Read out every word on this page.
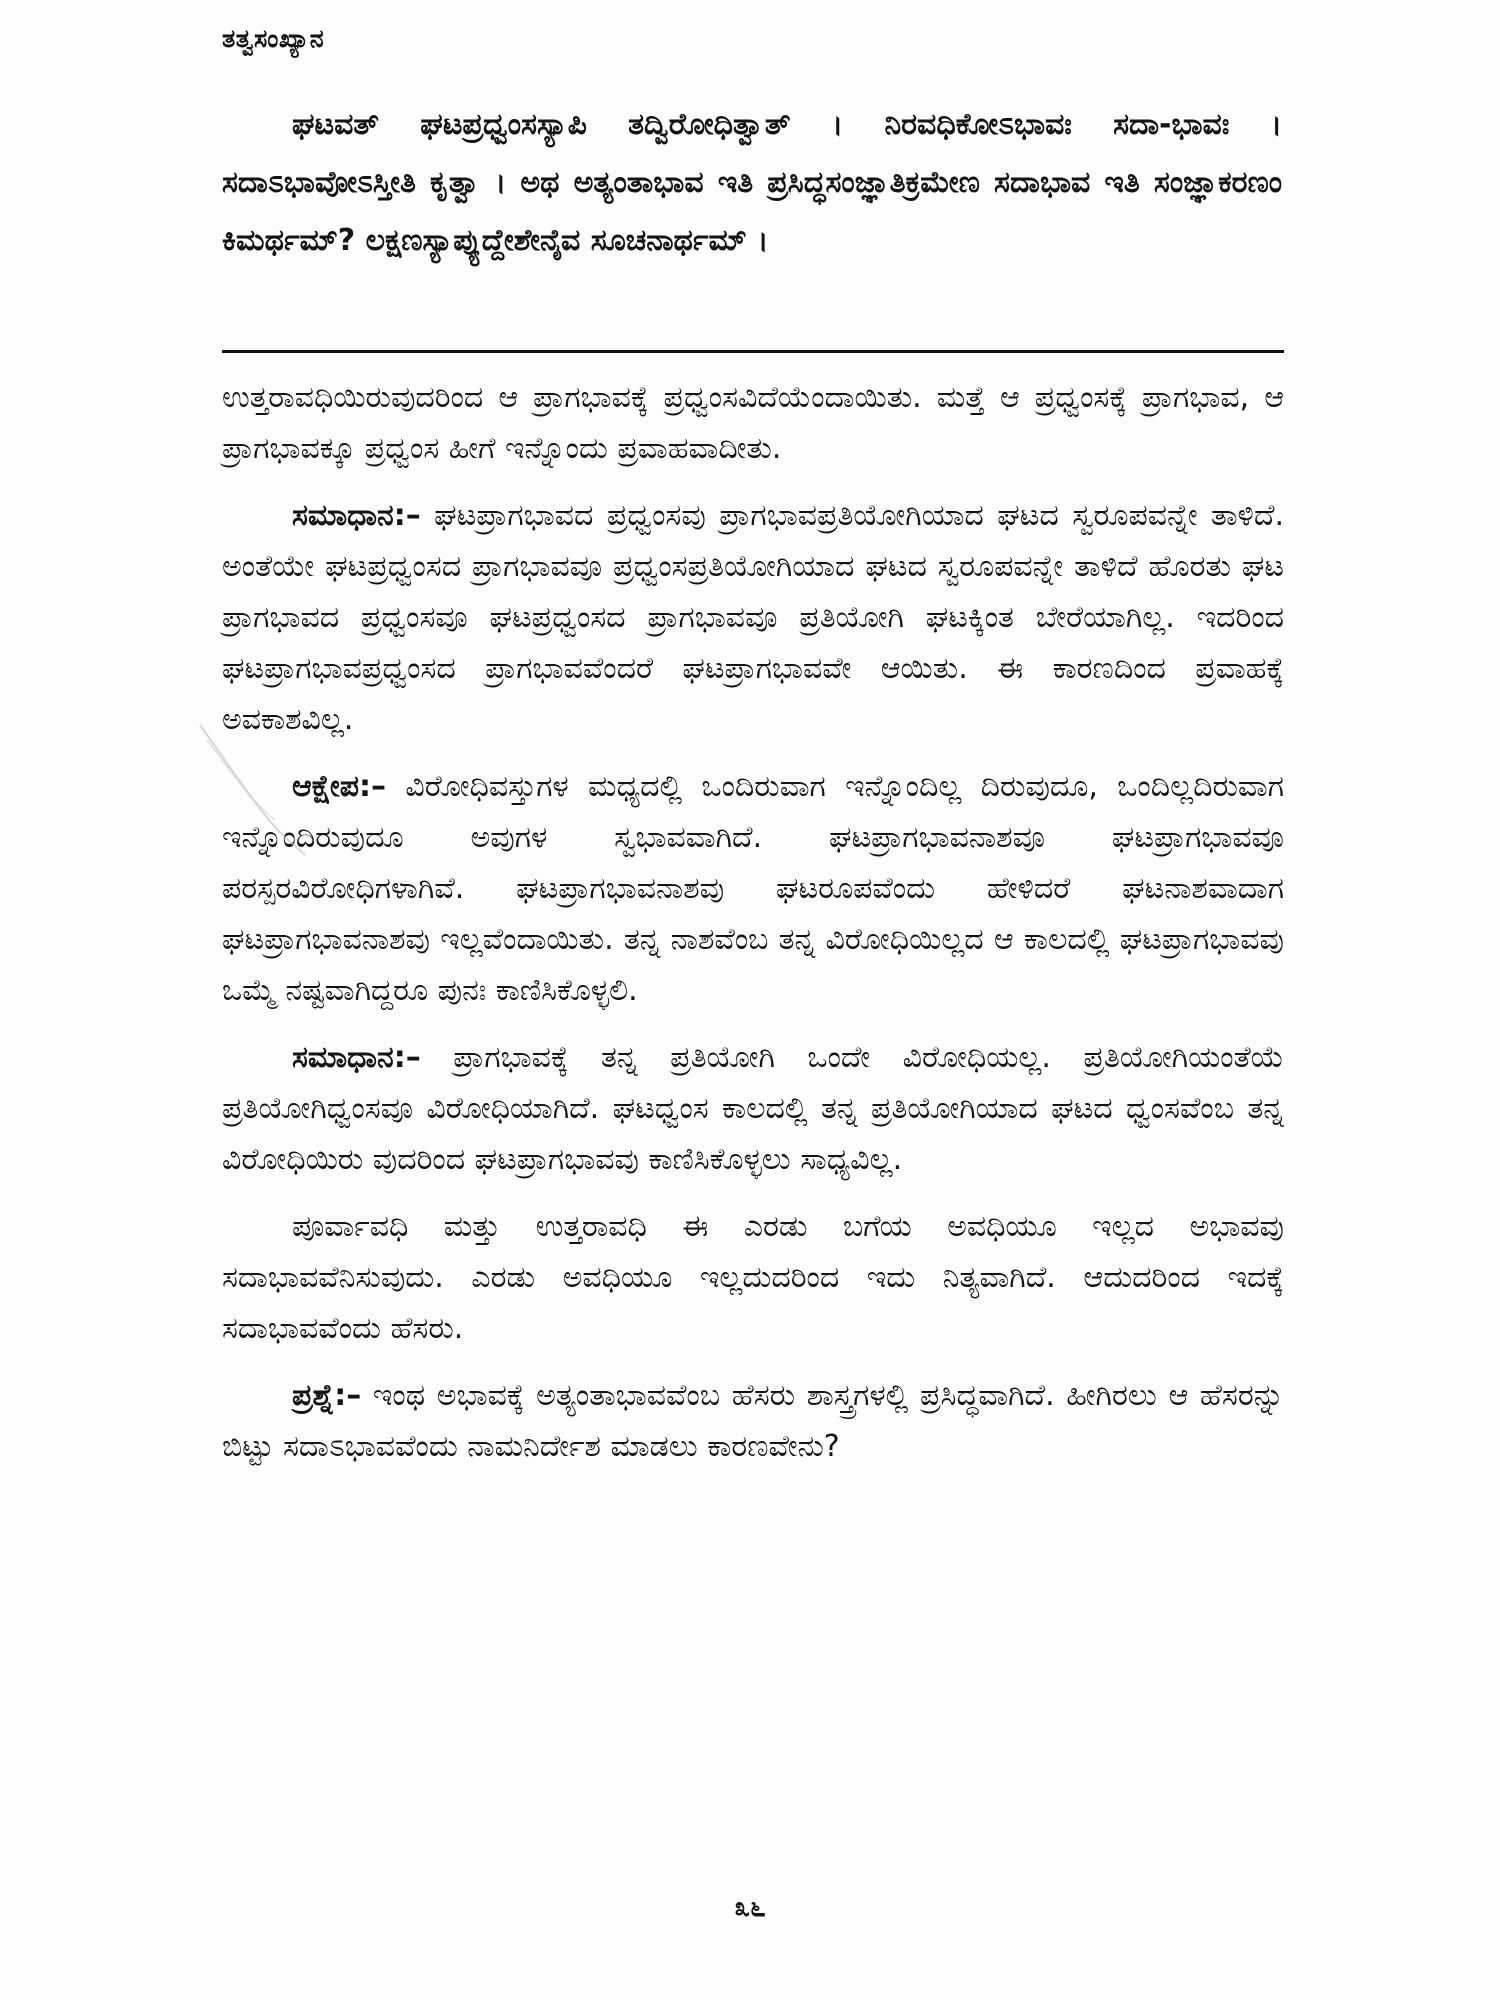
ತತ್ವಸಂಖ್ಯಾನ

ಘಟವತ್ ಘಟಪ್ರಧ್ವಂಸಸ್ಯಾಪಿ ತದ್ವಿರೋಧಿತ್ವಾತ್ । ನಿರವಧಿಕೋಽಭಾವಃ ಸದಾ-ಭಾವಃ । ಸದಾಽಭಾವೋಽಸ್ತೀತಿ ಕೃತ್ವಾ । ಅಥ ಅತ್ಯಂತಾಭಾವ ಇತಿ ಪ್ರಸಿದ್ಧಸಂಜ್ಞಾತಿಕ್ರಮೇಣ ಸದಾಭಾವ ಇತಿ ಸಂಜ್ಞಾಕರಣಂ ಕಿಮರ್ಥಮ್? ಲಕ್ಷಣಸ್ಯಾಪ್ಯುದ್ದೇಶೇನೈವ ಸೂಚನಾರ್ಥಮ್ ।

ಉತ್ತರಾವಧಿಯಿರುವುದರಿಂದ ಆ ಪ್ರಾಗಭಾವಕ್ಕೆ ಪ್ರಧ್ವಂಸವಿದೆಯೆಂದಾಯಿತು. ಮತ್ತೆ ಆ ಪ್ರಧ್ವಂಸಕ್ಕೆ ಪ್ರಾಗಭಾವ, ಆ ಪ್ರಾಗಭಾವಕ್ಕೂ ಪ್ರಧ್ವಂಸ ಹೀಗೆ ಇನ್ನೊಂದು ಪ್ರವಾಹವಾದೀತು.

ಸಮಾಧಾನ:– ಘಟಪ್ರಾಗಭಾವದ ಪ್ರಧ್ವಂಸವು ಪ್ರಾಗಭಾವಪ್ರತಿಯೋಗಿಯಾದ ಘಟದ ಸ್ವರೂಪವನ್ನೇ ತಾಳಿದೆ. ಅಂತೆಯೇ ಘಟಪ್ರಧ್ವಂಸದ ಪ್ರಾಗಭಾವವೂ ಪ್ರಧ್ವಂಸಪ್ರತಿಯೋಗಿಯಾದ ಘಟದ ಸ್ವರೂಪವನ್ನೇ ತಾಳಿದೆ ಹೊರತು ಘಟ ಪ್ರಾಗಭಾವದ ಪ್ರಧ್ವಂಸವೂ ಘಟಪ್ರಧ್ವಂಸದ ಪ್ರಾಗಭಾವವೂ ಪ್ರತಿಯೋಗಿ ಘಟಕ್ಕಿಂತ ಬೇರೆಯಾಗಿಲ್ಲ. ಇದರಿಂದ ಘಟಪ್ರಾಗಭಾವಪ್ರಧ್ವಂಸದ ಪ್ರಾಗಭಾವವೆಂದರೆ ಘಟಪ್ರಾಗಭಾವವೇ ಆಯಿತು. ಈ ಕಾರಣದಿಂದ ಪ್ರವಾಹಕ್ಕೆ ಅವಕಾಶವಿಲ್ಲ.

ಆಕ್ಷೇಪ:– ವಿರೋಧಿವಸ್ತುಗಳ ಮಧ್ಯದಲ್ಲಿ ಒಂದಿರುವಾಗ ಇನ್ನೊಂದಿಲ್ಲ ದಿರುವುದೂ, ಒಂದಿಲ್ಲದಿರುವಾಗ ಇನ್ನೊಂದಿರುವುದೂ ಅವುಗಳ ಸ್ವಭಾವವಾಗಿದೆ. ಘಟಪ್ರಾಗಭಾವನಾಶವೂ ಘಟಪ್ರಾಗಭಾವವೂ ಪರಸ್ಪರವಿರೋಧಿಗಳಾಗಿವೆ. ಘಟಪ್ರಾಗಭಾವನಾಶವು ಘಟರೂಪವೆಂದು ಹೇಳಿದರೆ ಘಟನಾಶವಾದಾಗ ಘಟಪ್ರಾಗಭಾವನಾಶವು ಇಲ್ಲವೆಂದಾಯಿತು. ತನ್ನ ನಾಶವೆಂಬ ತನ್ನ ವಿರೋಧಿಯಿಲ್ಲದ ಆ ಕಾಲದಲ್ಲಿ ಘಟಪ್ರಾಗಭಾವವು ಒಮ್ಮೆ ನಷ್ಟವಾಗಿದ್ದರೂ ಪುನಃ ಕಾಣಿಸಿಕೊಳ್ಳಲಿ.

ಸಮಾಧಾನ:– ಪ್ರಾಗಭಾವಕ್ಕೆ ತನ್ನ ಪ್ರತಿಯೋಗಿ ಒಂದೇ ವಿರೋಧಿಯಲ್ಲ. ಪ್ರತಿಯೋಗಿಯಂತೆಯೆ ಪ್ರತಿಯೋಗಿಧ್ವಂಸವೂ ವಿರೋಧಿಯಾಗಿದೆ. ಘಟಧ್ವಂಸ ಕಾಲದಲ್ಲಿ ತನ್ನ ಪ್ರತಿಯೋಗಿಯಾದ ಘಟದ ಧ್ವಂಸವೆಂಬ ತನ್ನ ವಿರೋಧಿಯಿರು ವುದರಿಂದ ಘಟಪ್ರಾಗಭಾವವು ಕಾಣಿಸಿಕೊಳ್ಳಲು ಸಾಧ್ಯವಿಲ್ಲ.

ಪೂರ್ವಾವಧಿ ಮತ್ತು ಉತ್ತರಾವಧಿ ಈ ಎರಡು ಬಗೆಯ ಅವಧಿಯೂ ಇಲ್ಲದ ಅಭಾವವು ಸದಾಭಾವವೆನಿಸುವುದು. ಎರಡು ಅವಧಿಯೂ ಇಲ್ಲದುದರಿಂದ ಇದು ನಿತ್ಯವಾಗಿದೆ. ಆದುದರಿಂದ ಇದಕ್ಕೆ ಸದಾಭಾವವೆಂದು ಹೆಸರು.

ಪ್ರಶ್ನೆ:– ಇಂಥ ಅಭಾವಕ್ಕೆ ಅತ್ಯಂತಾಭಾವವೆಂಬ ಹೆಸರು ಶಾಸ್ತ್ರಗಳಲ್ಲಿ ಪ್ರಸಿದ್ಧವಾಗಿದೆ. ಹೀಗಿರಲು ಆ ಹೆಸರನ್ನು ಬಿಟ್ಟು ಸದಾಽಭಾವವೆಂದು ನಾಮನಿರ್ದೇಶ ಮಾಡಲು ಕಾರಣವೇನು?

೩೬
